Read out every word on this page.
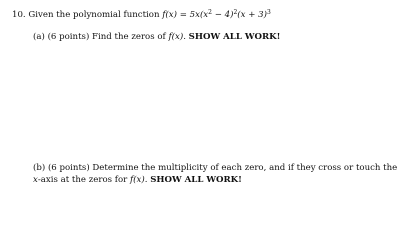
10. Given the polynomial function $f(x) = 5x(x^2 - 4)^2(x + 3)^3$
(a) (6 points) Find the zeros of f(x). SHOW ALL WORK!
(b) (6 points) Determine the multiplicity of each zero, and if they cross or touch the
x-axis at the zeros for f(x). SHOW ALL WORK!
